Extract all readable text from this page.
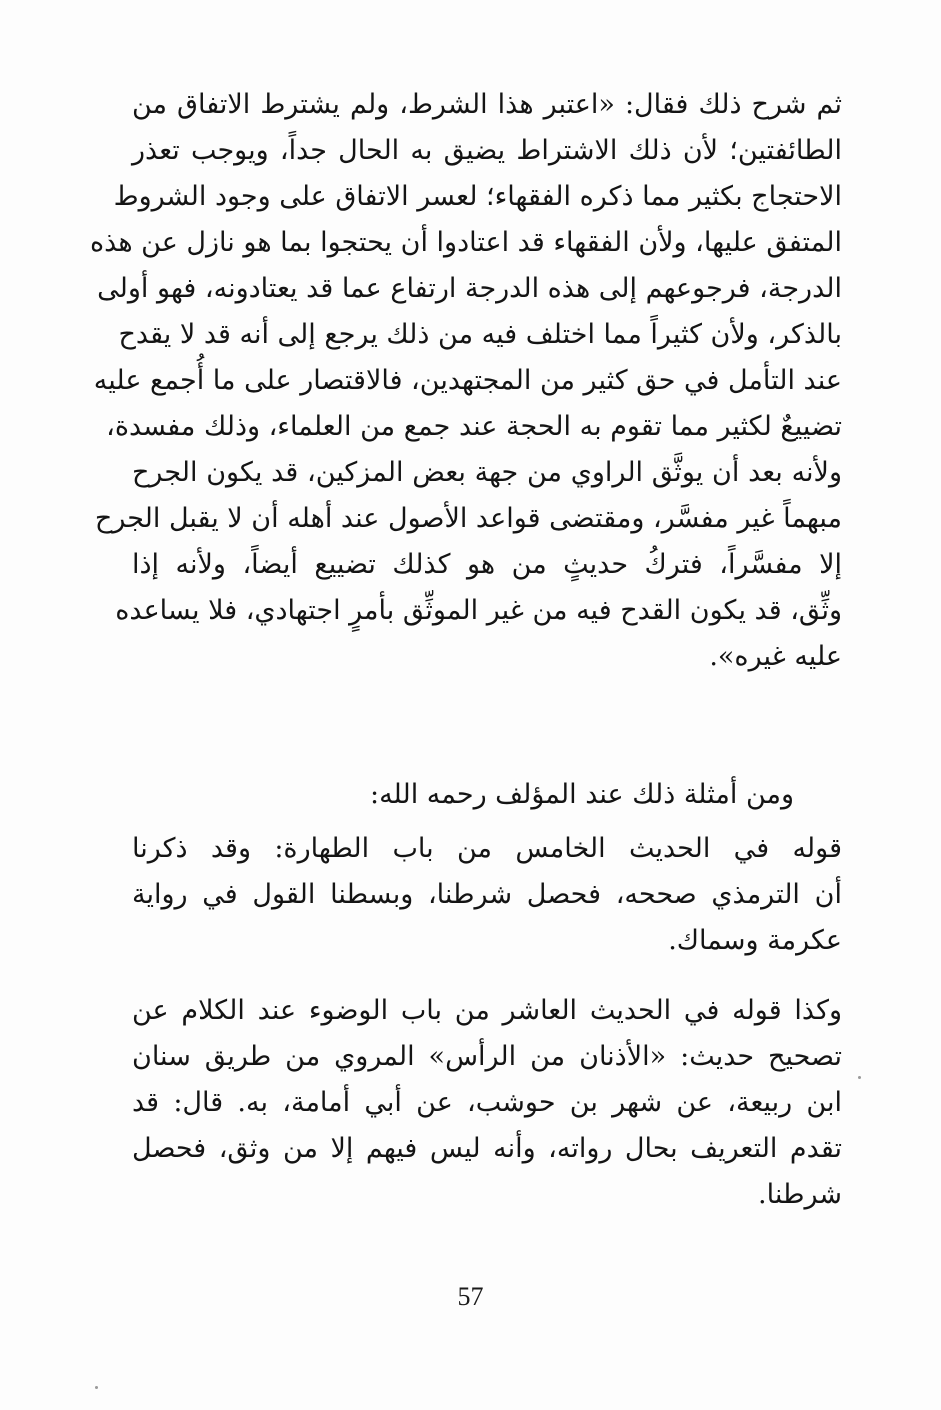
ثم شرح ذلك فقال: «اعتبر هذا الشرط، ولم يشترط الاتفاق من
الطائفتين؛ لأن ذلك الاشتراط يضيق به الحال جداً، ويوجب تعذر
الاحتجاج بكثير مما ذكره الفقهاء؛ لعسر الاتفاق على وجود الشروط
المتفق عليها، ولأن الفقهاء قد اعتادوا أن يحتجوا بما هو نازل عن هذه
الدرجة، فرجوعهم إلى هذه الدرجة ارتفاع عما قد يعتادونه، فهو أولى
بالذكر، ولأن كثيراً مما اختلف فيه من ذلك يرجع إلى أنه قد لا يقدح
عند التأمل في حق كثير من المجتهدين، فالاقتصار على ما أُجمع عليه
تضييعٌ لكثير مما تقوم به الحجة عند جمع من العلماء، وذلك مفسدة،
ولأنه بعد أن يوثَّق الراوي من جهة بعض المزكين، قد يكون الجرح
مبهماً غير مفسَّر، ومقتضى قواعد الأصول عند أهله أن لا يقبل الجرح
إلا مفسَّراً، فتركُ حديثٍ من هو كذلك تضييع أيضاً، ولأنه إذا
وثِّق، قد يكون القدح فيه من غير الموثِّق بأمرٍ اجتهادي، فلا يساعده
عليه غيره».
ومن أمثلة ذلك عند المؤلف رحمه الله:
قوله في الحديث الخامس من باب الطهارة: وقد ذكرنا
أن الترمذي صححه، فحصل شرطنا، وبسطنا القول في رواية
عكرمة وسماك.
وكذا قوله في الحديث العاشر من باب الوضوء عند الكلام عن
تصحيح حديث: «الأذنان من الرأس» المروي من طريق سنان
ابن ربيعة، عن شهر بن حوشب، عن أبي أمامة، به. قال: قد
تقدم التعريف بحال رواته، وأنه ليس فيهم إلا من وثق، فحصل
شرطنا.
57
